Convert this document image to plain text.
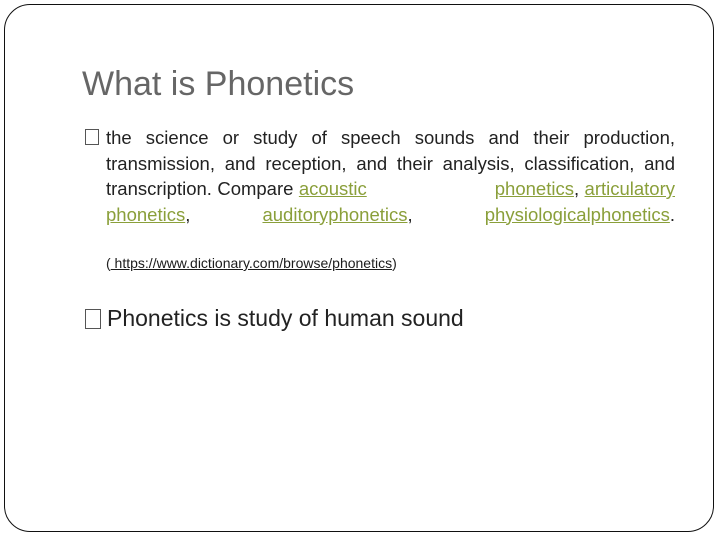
What is Phonetics
the science or study of speech sounds and their production, transmission, and reception, and their analysis, classification, and transcription. Compare acoustic	phonetics, articulatory phonetics, auditoryphonetics, physiologicalphonetics.
( https://www.dictionary.com/browse/phonetics)
Phonetics is study of human sound
